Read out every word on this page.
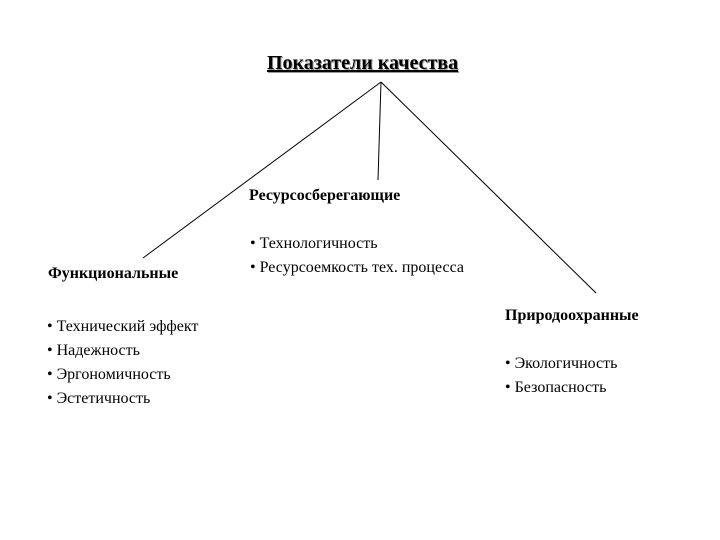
Показатели качества
Ресурсосберегающие
• Технологичность
• Ресурсоемкость тех. процесса
Функциональные
• Технический эффект
• Надежность
• Эргономичность
• Эстетичность
Природоохранные
• Экологичность
• Безопасность
